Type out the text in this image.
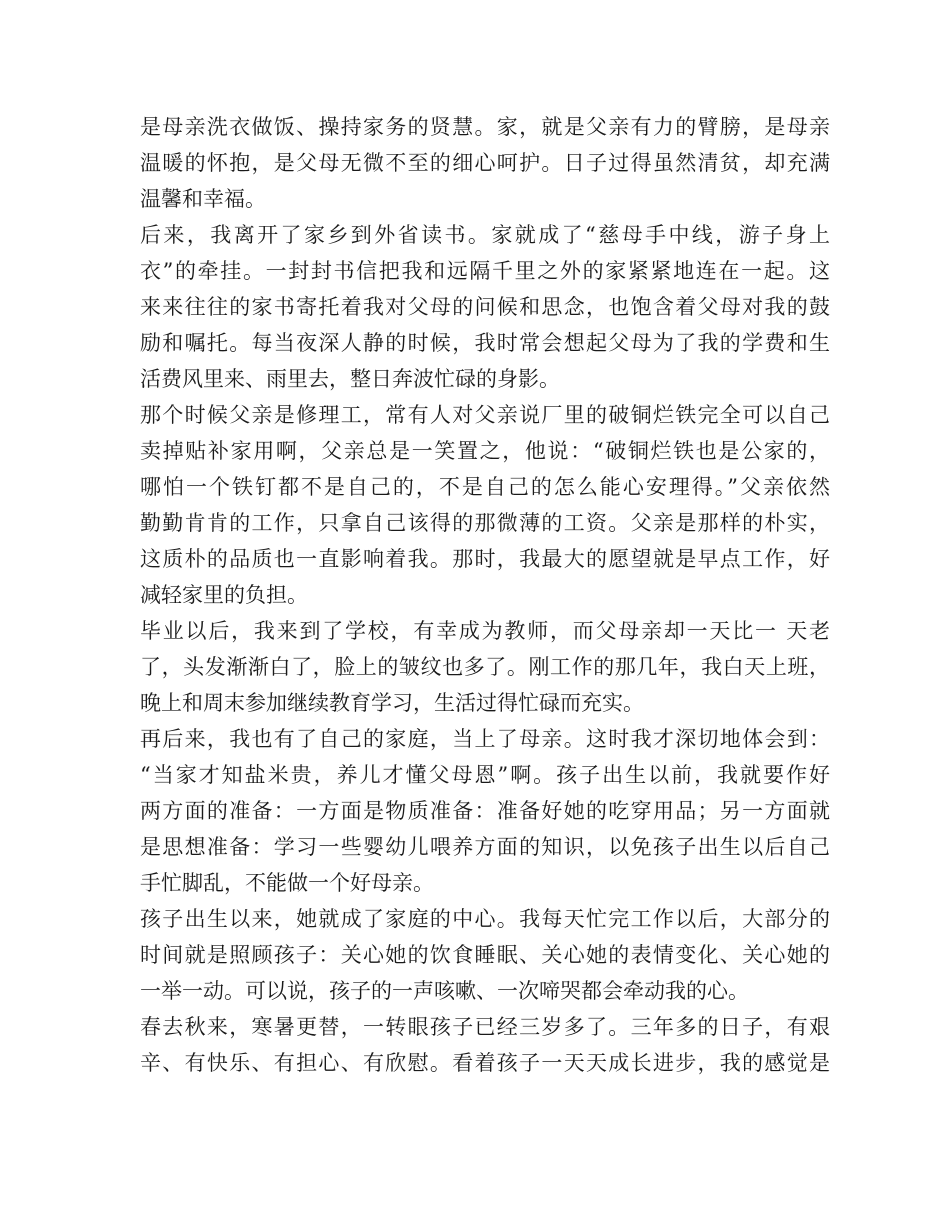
是母亲洗衣做饭、操持家务的贤慧。家，就是父亲有力的臂膀，是母亲
温暖的怀抱，是父母无微不至的细心呵护。日子过得虽然清贫，却充满
温馨和幸福。
后来，我离开了家乡到外省读书。家就成了“慈母手中线，游子身上
衣”的牵挂。一封封书信把我和远隔千里之外的家紧紧地连在一起。这
来来往往的家书寄托着我对父母的问候和思念，也饱含着父母对我的鼓
励和嘱托。每当夜深人静的时候，我时常会想起父母为了我的学费和生
活费风里来、雨里去，整日奔波忙碌的身影。
那个时候父亲是修理工，常有人对父亲说厂里的破铜烂铁完全可以自己
卖掉贴补家用啊，父亲总是一笑置之，他说：“破铜烂铁也是公家的，
哪怕一个铁钉都不是自己的，不是自己的怎么能心安理得。”父亲依然
勤勤肯肯的工作，只拿自己该得的那微薄的工资。父亲是那样的朴实，
这质朴的品质也一直影响着我。那时，我最大的愿望就是早点工作，好
减轻家里的负担。
毕业以后，我来到了学校，有幸成为教师，而父母亲却一天比一 天老
了，头发渐渐白了，脸上的皱纹也多了。刚工作的那几年，我白天上班，
晚上和周末参加继续教育学习，生活过得忙碌而充实。
再后来，我也有了自己的家庭，当上了母亲。这时我才深切地体会到：
“当家才知盐米贵，养儿才懂父母恩”啊。孩子出生以前，我就要作好
两方面的准备：一方面是物质准备：准备好她的吃穿用品；另一方面就
是思想准备：学习一些婴幼儿喂养方面的知识，以免孩子出生以后自己
手忙脚乱，不能做一个好母亲。
孩子出生以来，她就成了家庭的中心。我每天忙完工作以后，大部分的
时间就是照顾孩子：关心她的饮食睡眠、关心她的表情变化、关心她的
一举一动。可以说，孩子的一声咳嗽、一次啼哭都会牵动我的心。
春去秋来，寒暑更替，一转眼孩子已经三岁多了。三年多的日子，有艰
辛、有快乐、有担心、有欣慰。看着孩子一天天成长进步，我的感觉是
